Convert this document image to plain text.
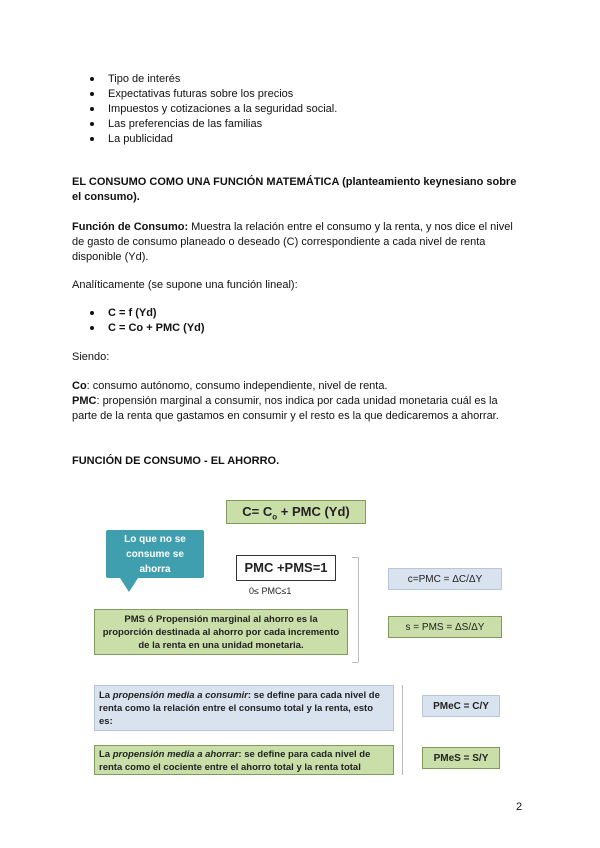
Tipo de interés
Expectativas futuras sobre los precios
Impuestos y cotizaciones a la seguridad social.
Las preferencias de las familias
La publicidad
EL CONSUMO COMO UNA FUNCIÓN MATEMÁTICA (planteamiento keynesiano sobre
el consumo).
Función de Consumo: Muestra la relación entre el consumo y la renta, y nos dice el nivel
de gasto de consumo planeado o deseado (C) correspondiente a cada nivel de renta
disponible (Yd).
Analíticamente (se supone una función lineal):
C = f (Yd)
C = Co + PMC (Yd)
Siendo:
Co: consumo autónomo, consumo independiente, nivel de renta.
PMC: propensión marginal a consumir, nos indica por cada unidad monetaria cuál es la
parte de la renta que gastamos en consumir y el resto es la que dedicaremos a ahorrar.
FUNCIÓN DE CONSUMO - EL AHORRO.
$C= C_o$ + PMC (Yd)
Lo que no se
consume se
ahorra	PMC +PMS=1
0≤ PMC≤1
PMS ó Propensión marginal al ahorro es la
proporción destinada al ahorro por cada incremento
de la renta en una unidad monetaria.
c=PMC = ΔC/ΔY
s = PMS = ΔS/ΔY
La propensión media a consumir: se define para cada nivel de
renta como la relación entre el consumo total y la renta, esto
es:
PMeC = C/Y
La propensión media a ahorrar: se define para cada nivel de
renta como el cociente entre el ahorro total y la renta total
PMeS = S/Y
2
